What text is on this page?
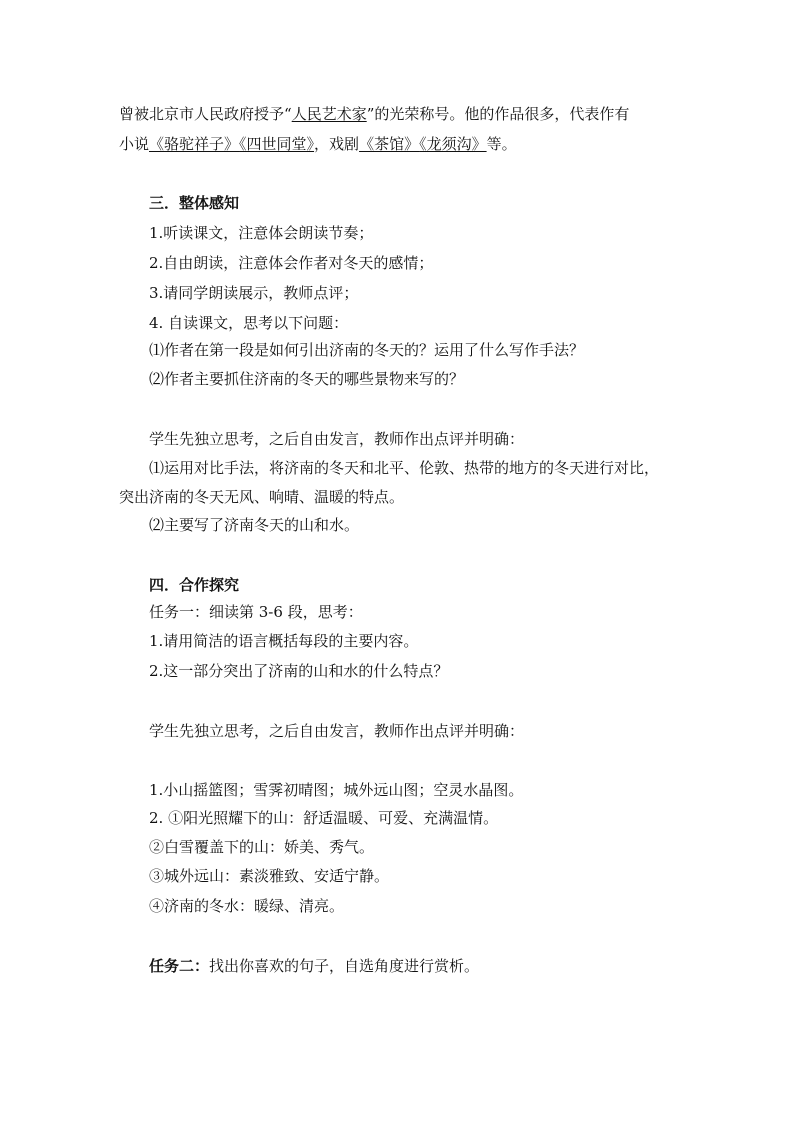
曾被北京市人民政府授予“人民艺术家”的光荣称号。他的作品很多，代表作有
小说《骆驼祥子》《四世同堂》，戏剧《茶馆》《龙须沟》等。
三．整体感知
1.听读课文，注意体会朗读节奏；
2.自由朗读，注意体会作者对冬天的感情；
3.请同学朗读展示，教师点评；
4. 自读课文，思考以下问题：
⑴作者在第一段是如何引出济南的冬天的？运用了什么写作手法？
⑵作者主要抓住济南的冬天的哪些景物来写的？
学生先独立思考，之后自由发言，教师作出点评并明确：
⑴运用对比手法，将济南的冬天和北平、伦敦、热带的地方的冬天进行对比，
突出济南的冬天无风、响晴、温暖的特点。
⑵主要写了济南冬天的山和水。
四．合作探究
任务一：细读第 3-6 段，思考：
1.请用简洁的语言概括每段的主要内容。
2.这一部分突出了济南的山和水的什么特点？
学生先独立思考，之后自由发言，教师作出点评并明确：
1.小山摇篮图；雪霁初晴图；城外远山图；空灵水晶图。
2. ①阳光照耀下的山：舒适温暖、可爱、充满温情。
②白雪覆盖下的山：娇美、秀气。
③城外远山：素淡雅致、安适宁静。
④济南的冬水：暖绿、清亮。
任务二：找出你喜欢的句子，自选角度进行赏析。
